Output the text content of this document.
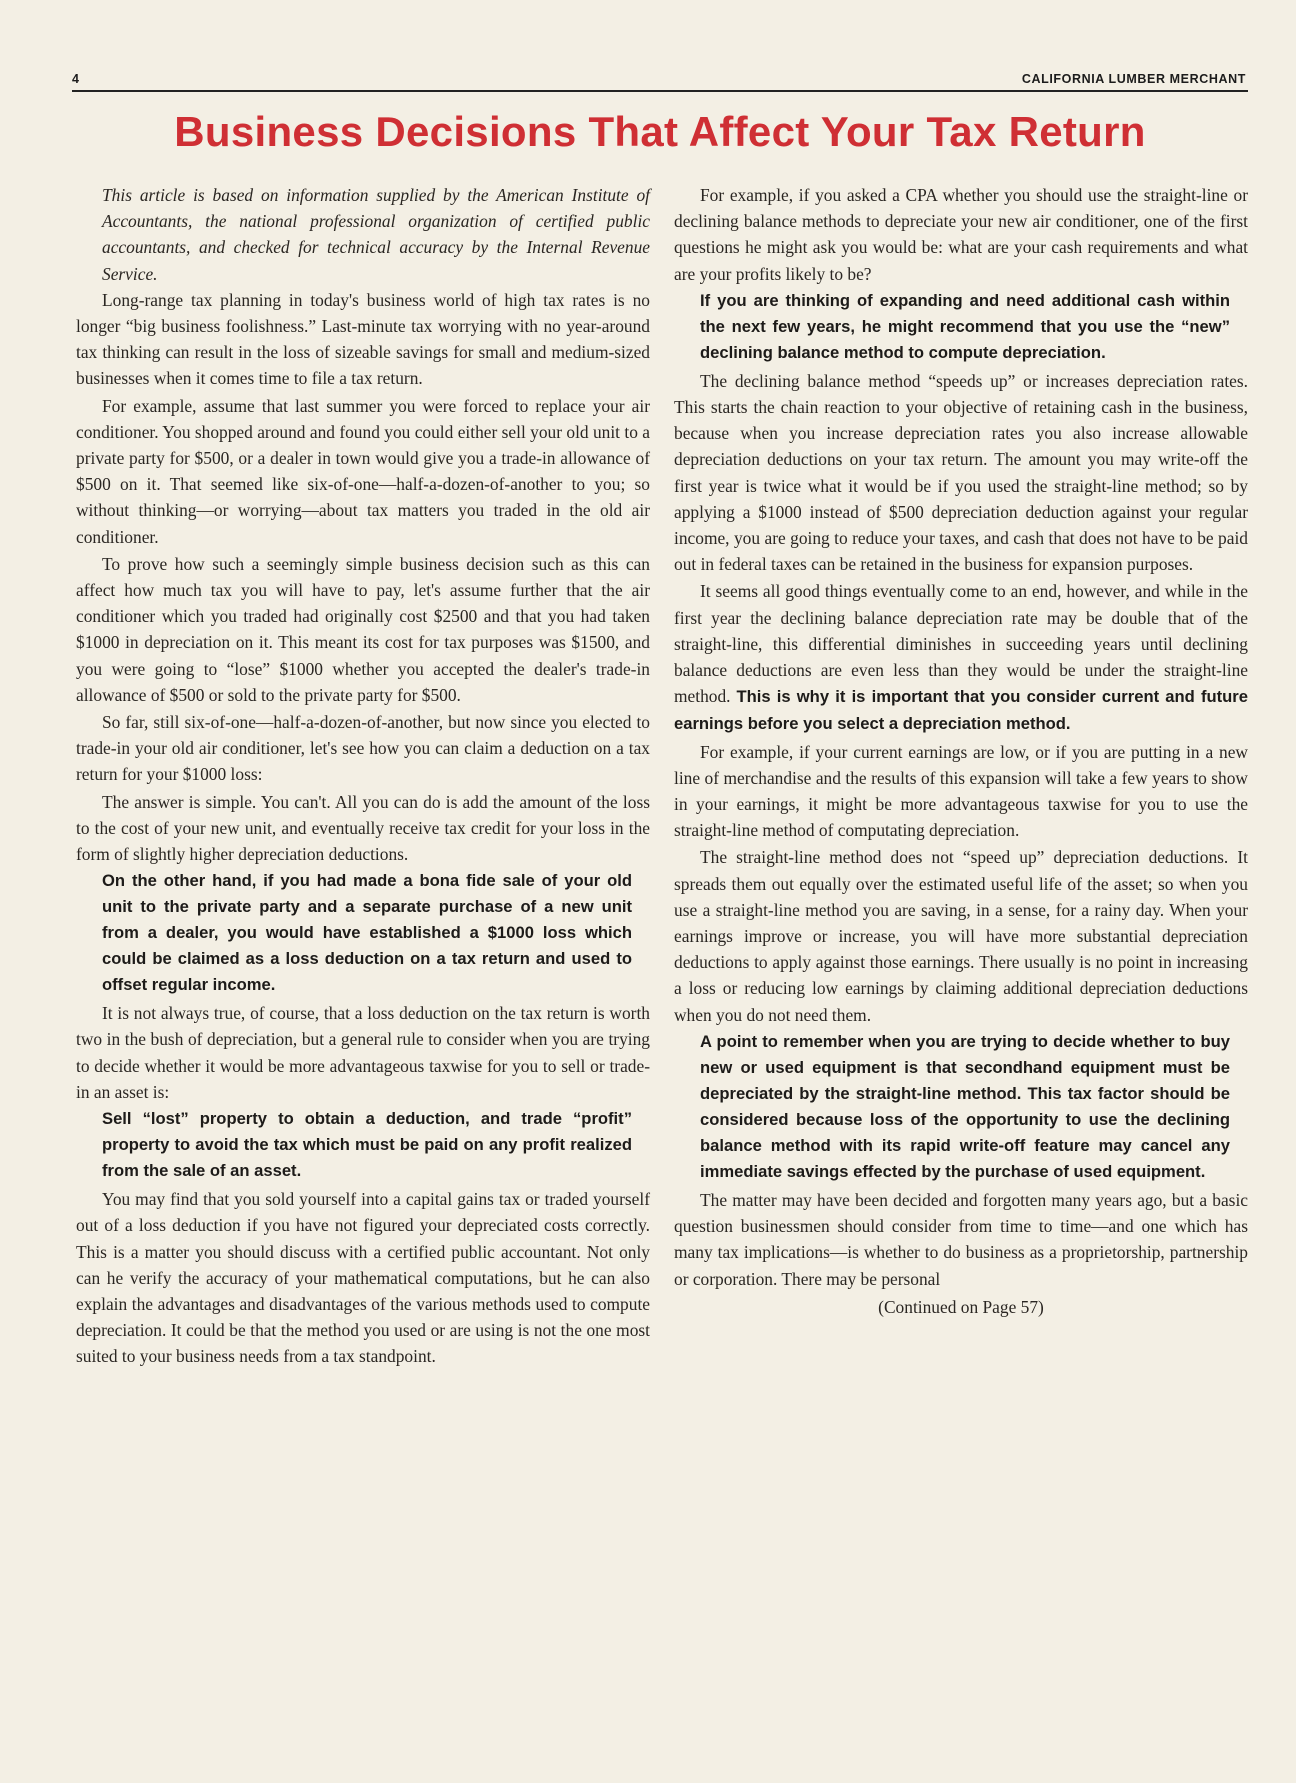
4	CALIFORNIA LUMBER MERCHANT
Business Decisions That Affect Your Tax Return

This article is based on information supplied by the American Institute of Accountants, the national professional organization of certified public accountants, and checked for technical accuracy by the Internal Revenue Service.

Long-range tax planning in today's business world of high tax rates is no longer “big business foolishness.” Last-minute tax worrying with no year-around tax thinking can result in the loss of sizeable savings for small and medium-sized businesses when it comes time to file a tax return.

For example, assume that last summer you were forced to replace your air conditioner. You shopped around and found you could either sell your old unit to a private party for $500, or a dealer in town would give you a trade-in allowance of $500 on it. That seemed like six-of-one—half-a-dozen-of-another to you; so without thinking—or worrying—about tax matters you traded in the old air conditioner.

To prove how such a seemingly simple business decision such as this can affect how much tax you will have to pay, let's assume further that the air conditioner which you traded had originally cost $2500 and that you had taken $1000 in depreciation on it. This meant its cost for tax purposes was $1500, and you were going to “lose” $1000 whether you accepted the dealer's trade-in allowance of $500 or sold to the private party for $500.

So far, still six-of-one—half-a-dozen-of-another, but now since you elected to trade-in your old air conditioner, let's see how you can claim a deduction on a tax return for your $1000 loss:

The answer is simple. You can't. All you can do is add the amount of the loss to the cost of your new unit, and eventually receive tax credit for your loss in the form of slightly higher depreciation deductions.

On the other hand, if you had made a bona fide sale of your old unit to the private party and a separate purchase of a new unit from a dealer, you would have established a $1000 loss which could be claimed as a loss deduction on a tax return and used to offset regular income.

It is not always true, of course, that a loss deduction on the tax return is worth two in the bush of depreciation, but a general rule to consider when you are trying to decide whether it would be more advantageous taxwise for you to sell or trade-in an asset is:

Sell “lost” property to obtain a deduction, and trade “profit” property to avoid the tax which must be paid on any profit realized from the sale of an asset.

You may find that you sold yourself into a capital gains tax or traded yourself out of a loss deduction if you have not figured your depreciated costs correctly. This is a matter you should discuss with a certified public accountant. Not only can he verify the accuracy of your mathematical computations, but he can also explain the advantages and disadvantages of the various methods used to compute depreciation. It could be that the method you used or are using is not the one most suited to your business needs from a tax standpoint.

For example, if you asked a CPA whether you should use the straight-line or declining balance methods to depreciate your new air conditioner, one of the first questions he might ask you would be: what are your cash requirements and what are your profits likely to be?

If you are thinking of expanding and need additional cash within the next few years, he might recommend that you use the “new” declining balance method to compute depreciation.

The declining balance method “speeds up” or increases depreciation rates. This starts the chain reaction to your objective of retaining cash in the business, because when you increase depreciation rates you also increase allowable depreciation deductions on your tax return. The amount you may write-off the first year is twice what it would be if you used the straight-line method; so by applying a $1000 instead of $500 depreciation deduction against your regular income, you are going to reduce your taxes, and cash that does not have to be paid out in federal taxes can be retained in the business for expansion purposes.

It seems all good things eventually come to an end, however, and while in the first year the declining balance depreciation rate may be double that of the straight-line, this differential diminishes in succeeding years until declining balance deductions are even less than they would be under the straight-line method. This is why it is important that you consider current and future earnings before you select a depreciation method.

For example, if your current earnings are low, or if you are putting in a new line of merchandise and the results of this expansion will take a few years to show in your earnings, it might be more advantageous taxwise for you to use the straight-line method of computating depreciation.

The straight-line method does not “speed up” depreciation deductions. It spreads them out equally over the estimated useful life of the asset; so when you use a straight-line method you are saving, in a sense, for a rainy day. When your earnings improve or increase, you will have more substantial depreciation deductions to apply against those earnings. There usually is no point in increasing a loss or reducing low earnings by claiming additional depreciation deductions when you do not need them.

A point to remember when you are trying to decide whether to buy new or used equipment is that secondhand equipment must be depreciated by the straight-line method. This tax factor should be considered because loss of the opportunity to use the declining balance method with its rapid write-off feature may cancel any immediate savings effected by the purchase of used equipment.

The matter may have been decided and forgotten many years ago, but a basic question businessmen should consider from time to time—and one which has many tax implications—is whether to do business as a proprietorship, partnership or corporation. There may be personal

(Continued on Page 57)
